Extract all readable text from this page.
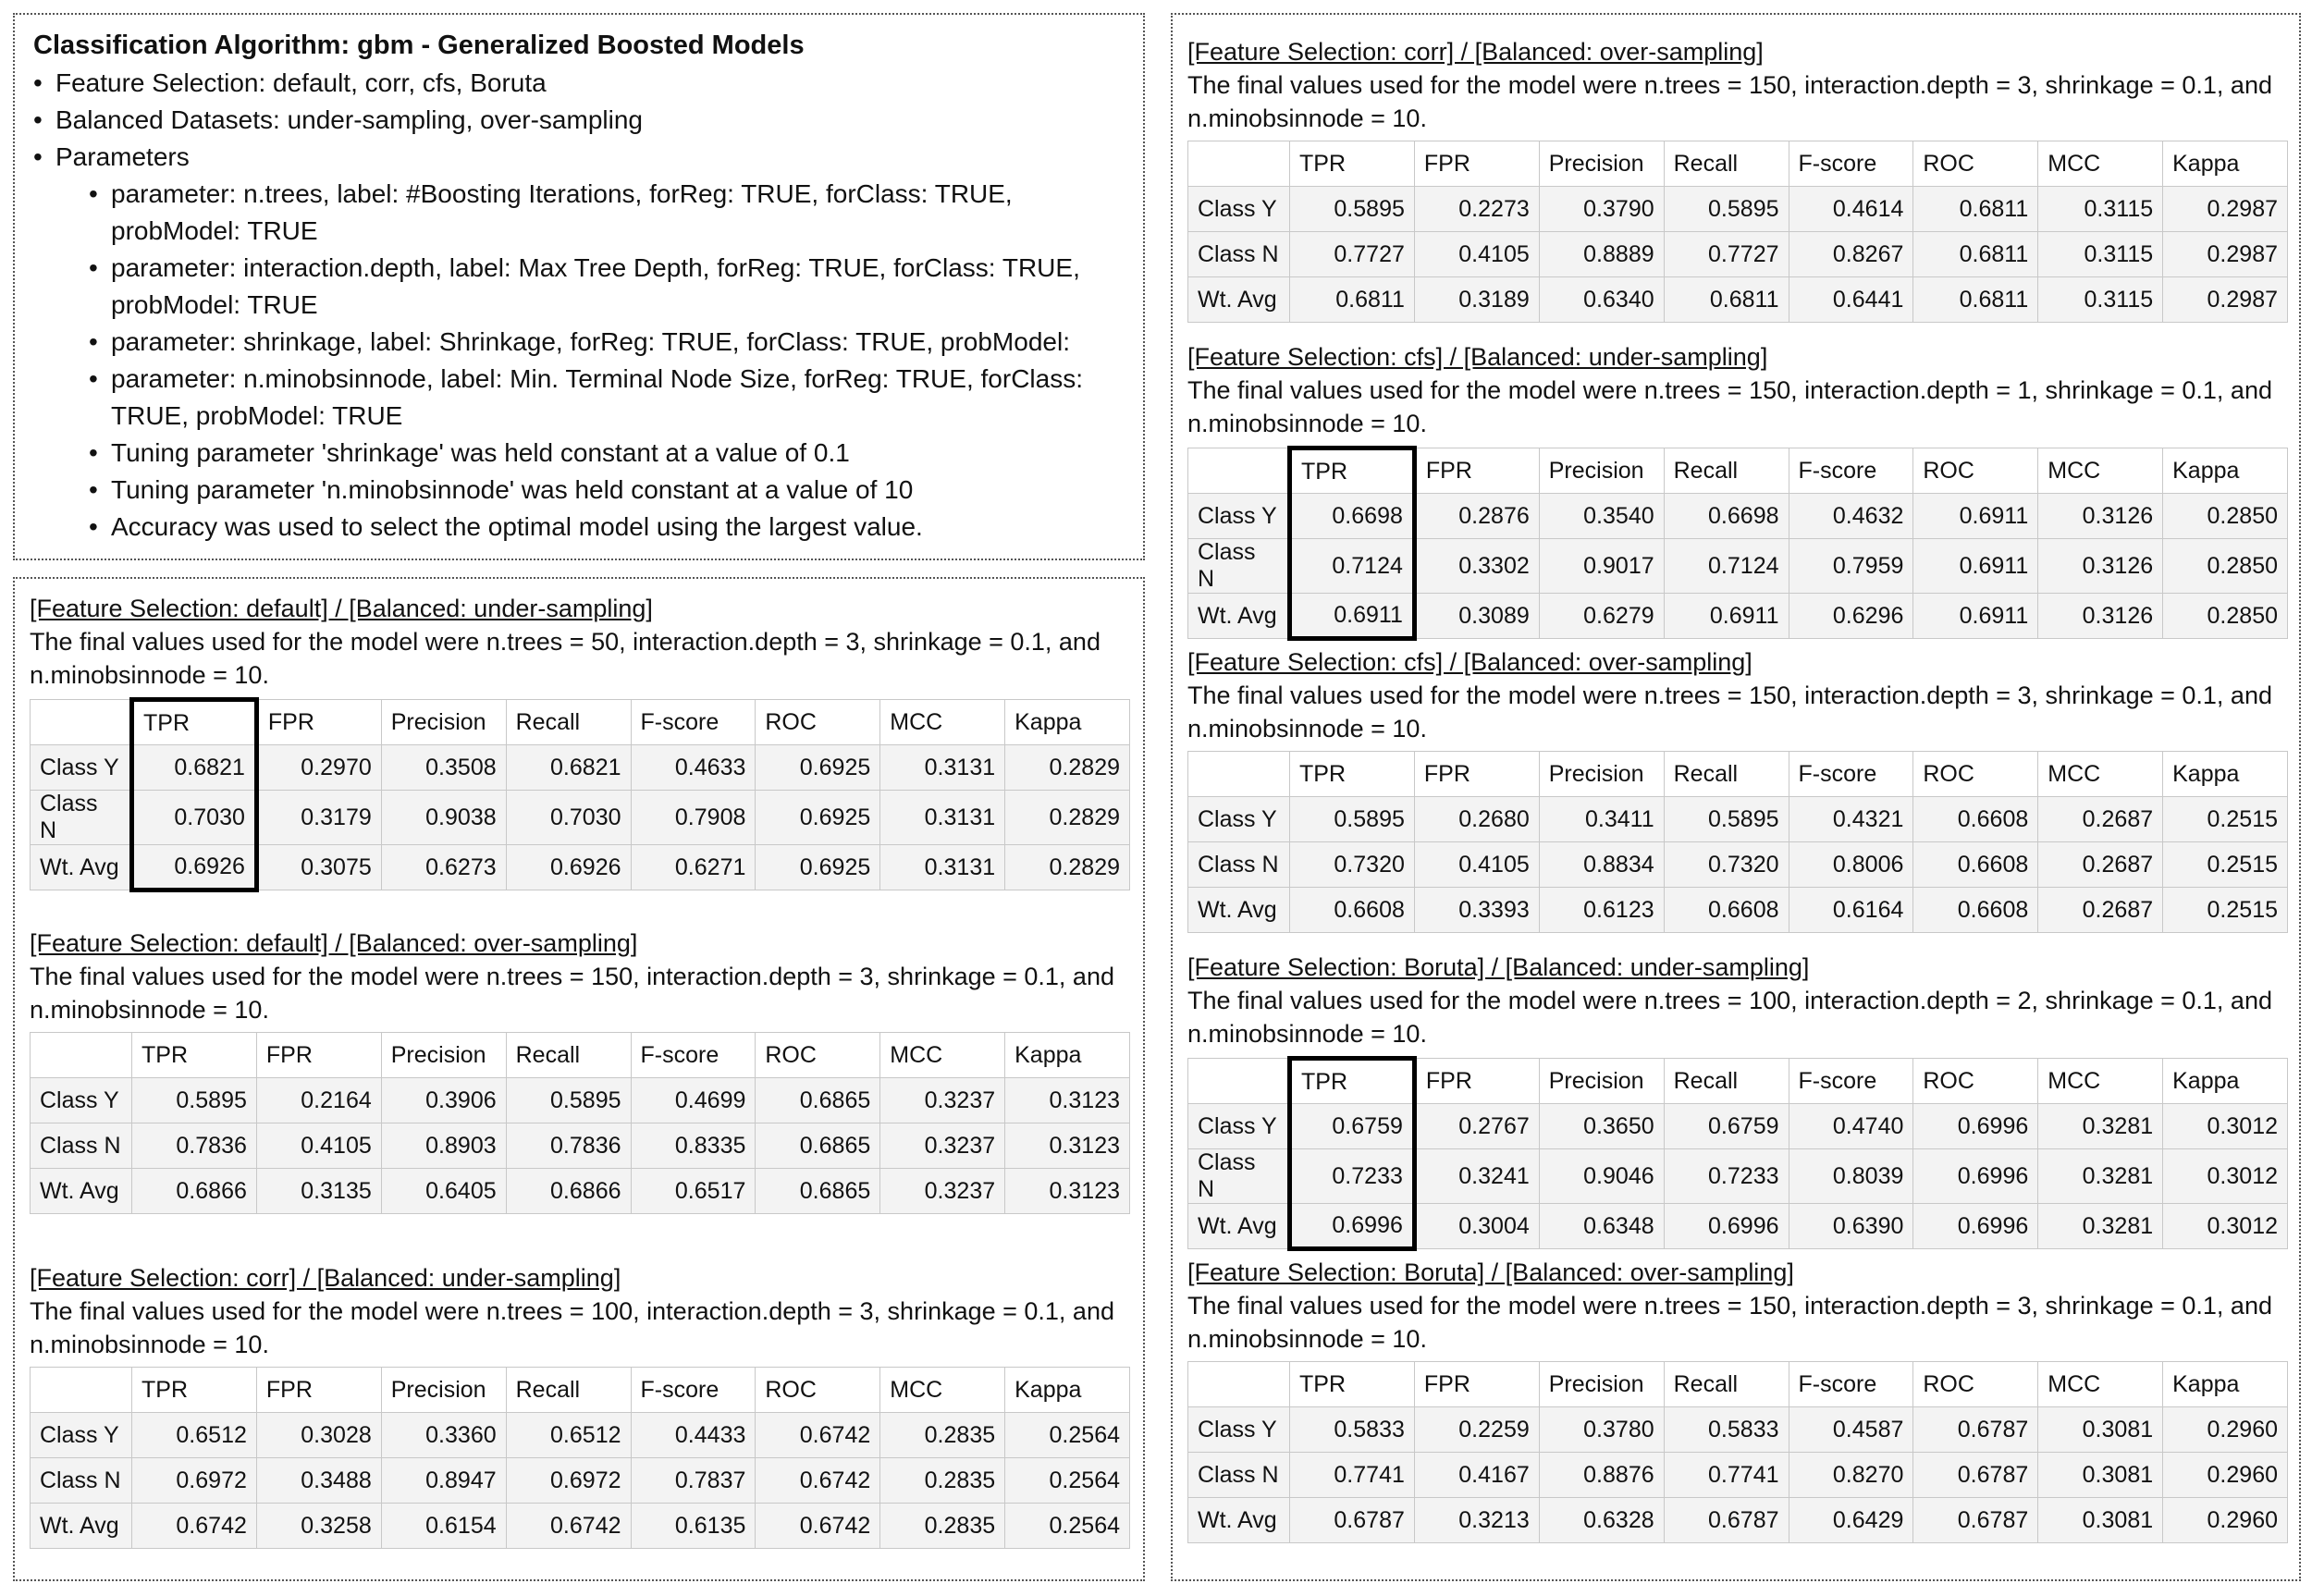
Classification Algorithm: gbm - Generalized Boosted Models

• Feature Selection: default, corr, cfs, Boruta
• Balanced Datasets: under-sampling, over-sampling
• Parameters
• parameter: n.trees, label: #Boosting Iterations, forReg: TRUE, forClass: TRUE, probModel: TRUE
• parameter: interaction.depth, label: Max Tree Depth, forReg: TRUE, forClass: TRUE, probModel: TRUE
• parameter: shrinkage, label: Shrinkage, forReg: TRUE, forClass: TRUE, probModel:
• parameter: n.minobsinnode, label: Min. Terminal Node Size, forReg: TRUE, forClass: TRUE, probModel: TRUE
• Tuning parameter 'shrinkage' was held constant at a value of 0.1
• Tuning parameter 'n.minobsinnode' was held constant at a value of 10
• Accuracy was used to select the optimal model using the largest value.
[Feature Selection: default] / [Balanced: under-sampling]
The final values used for the model were n.trees = 50, interaction.depth = 3, shrinkage = 0.1, and n.minobsinnode = 10.
	TPR	FPR	Precision	Recall	F-score	ROC	MCC	Kappa
Class Y	0.6821	0.2970	0.3508	0.6821	0.4633	0.6925	0.3131	0.2829
Class N	0.7030	0.3179	0.9038	0.7030	0.7908	0.6925	0.3131	0.2829
Wt. Avg	0.6926	0.3075	0.6273	0.6926	0.6271	0.6925	0.3131	0.2829
[Feature Selection: default] / [Balanced: over-sampling]
The final values used for the model were n.trees = 150, interaction.depth = 3, shrinkage = 0.1, and n.minobsinnode = 10.
	TPR	FPR	Precision	Recall	F-score	ROC	MCC	Kappa
Class Y	0.5895	0.2164	0.3906	0.5895	0.4699	0.6865	0.3237	0.3123
Class N	0.7836	0.4105	0.8903	0.7836	0.8335	0.6865	0.3237	0.3123
Wt. Avg	0.6866	0.3135	0.6405	0.6866	0.6517	0.6865	0.3237	0.3123
[Feature Selection: corr] / [Balanced: under-sampling]
The final values used for the model were n.trees = 100, interaction.depth = 3, shrinkage = 0.1, and n.minobsinnode = 10.
	TPR	FPR	Precision	Recall	F-score	ROC	MCC	Kappa
Class Y	0.6512	0.3028	0.3360	0.6512	0.4433	0.6742	0.2835	0.2564
Class N	0.6972	0.3488	0.8947	0.6972	0.7837	0.6742	0.2835	0.2564
Wt. Avg	0.6742	0.3258	0.6154	0.6742	0.6135	0.6742	0.2835	0.2564
[Feature Selection: corr] / [Balanced: over-sampling]
The final values used for the model were n.trees = 150, interaction.depth = 3, shrinkage = 0.1, and n.minobsinnode = 10.
	TPR	FPR	Precision	Recall	F-score	ROC	MCC	Kappa
Class Y	0.5895	0.2273	0.3790	0.5895	0.4614	0.6811	0.3115	0.2987
Class N	0.7727	0.4105	0.8889	0.7727	0.8267	0.6811	0.3115	0.2987
Wt. Avg	0.6811	0.3189	0.6340	0.6811	0.6441	0.6811	0.3115	0.2987
[Feature Selection: cfs] / [Balanced: under-sampling]
The final values used for the model were n.trees = 150, interaction.depth = 1, shrinkage = 0.1, and n.minobsinnode = 10.
	TPR	FPR	Precision	Recall	F-score	ROC	MCC	Kappa
Class Y	0.6698	0.2876	0.3540	0.6698	0.4632	0.6911	0.3126	0.2850
Class N	0.7124	0.3302	0.9017	0.7124	0.7959	0.6911	0.3126	0.2850
Wt. Avg	0.6911	0.3089	0.6279	0.6911	0.6296	0.6911	0.3126	0.2850
[Feature Selection: cfs] / [Balanced: over-sampling]
The final values used for the model were n.trees = 150, interaction.depth = 3, shrinkage = 0.1, and n.minobsinnode = 10.
	TPR	FPR	Precision	Recall	F-score	ROC	MCC	Kappa
Class Y	0.5895	0.2680	0.3411	0.5895	0.4321	0.6608	0.2687	0.2515
Class N	0.7320	0.4105	0.8834	0.7320	0.8006	0.6608	0.2687	0.2515
Wt. Avg	0.6608	0.3393	0.6123	0.6608	0.6164	0.6608	0.2687	0.2515
[Feature Selection: Boruta] / [Balanced: under-sampling]
The final values used for the model were n.trees = 100, interaction.depth = 2, shrinkage = 0.1, and n.minobsinnode = 10.
	TPR	FPR	Precision	Recall	F-score	ROC	MCC	Kappa
Class Y	0.6759	0.2767	0.3650	0.6759	0.4740	0.6996	0.3281	0.3012
Class N	0.7233	0.3241	0.9046	0.7233	0.8039	0.6996	0.3281	0.3012
Wt. Avg	0.6996	0.3004	0.6348	0.6996	0.6390	0.6996	0.3281	0.3012
[Feature Selection: Boruta] / [Balanced: over-sampling]
The final values used for the model were n.trees = 150, interaction.depth = 3, shrinkage = 0.1, and n.minobsinnode = 10.
	TPR	FPR	Precision	Recall	F-score	ROC	MCC	Kappa
Class Y	0.5833	0.2259	0.3780	0.5833	0.4587	0.6787	0.3081	0.2960
Class N	0.7741	0.4167	0.8876	0.7741	0.8270	0.6787	0.3081	0.2960
Wt. Avg	0.6787	0.3213	0.6328	0.6787	0.6429	0.6787	0.3081	0.2960
